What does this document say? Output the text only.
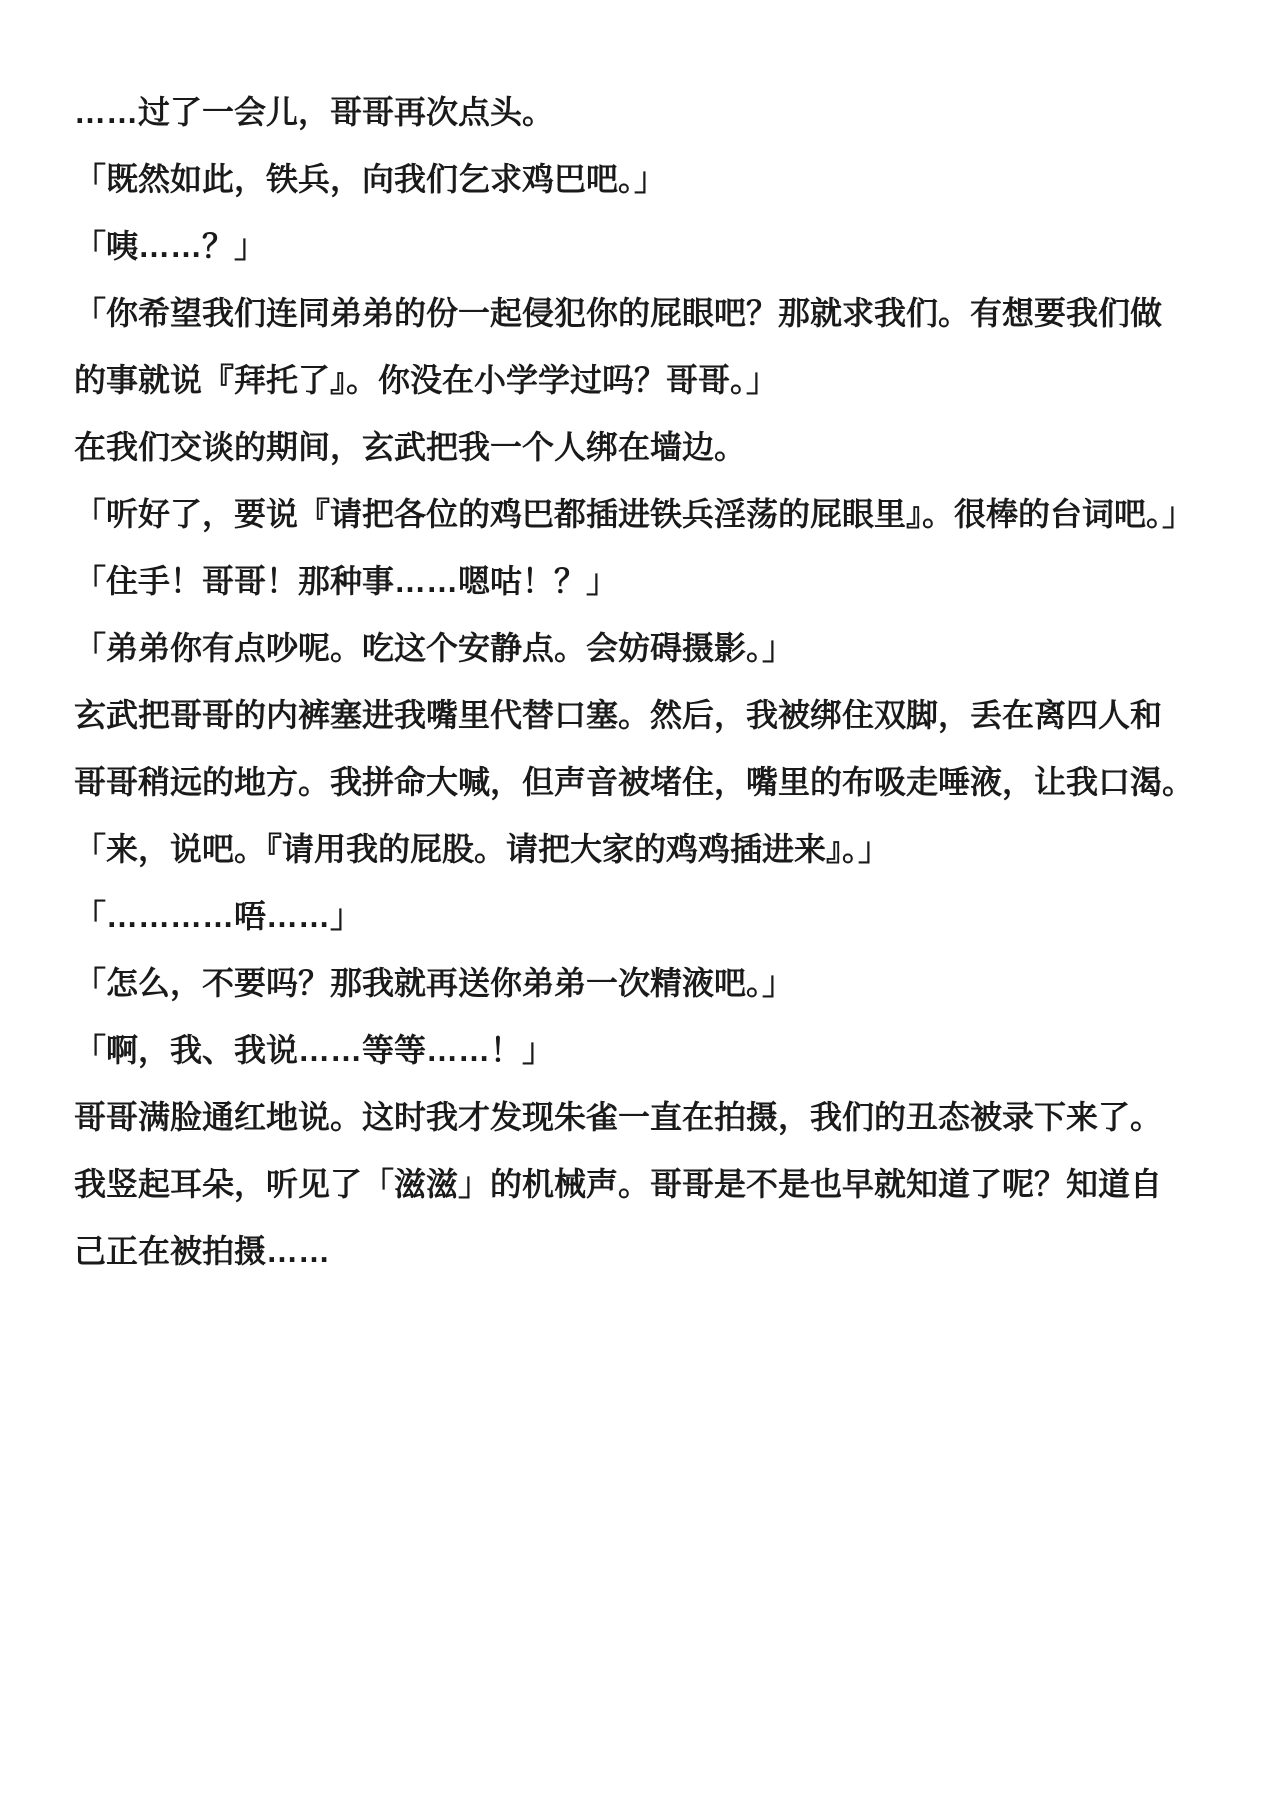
……过了一会儿，哥哥再次点头。
「既然如此，铁兵，向我们乞求鸡巴吧。」
「咦……？」
「你希望我们连同弟弟的份一起侵犯你的屁眼吧？那就求我们。有想要我们做
的事就说『拜托了』。你没在小学学过吗？哥哥。」
在我们交谈的期间，玄武把我一个人绑在墙边。
「听好了，要说『请把各位的鸡巴都插进铁兵淫荡的屁眼里』。很棒的台词吧。」
「住手！哥哥！那种事……嗯咕！？」
「弟弟你有点吵呢。吃这个安静点。会妨碍摄影。」
玄武把哥哥的内裤塞进我嘴里代替口塞。然后，我被绑住双脚，丢在离四人和
哥哥稍远的地方。我拼命大喊，但声音被堵住，嘴里的布吸走唾液，让我口渴。
「来，说吧。『请用我的屁股。请把大家的鸡鸡插进来』。」
「…………唔……」
「怎么，不要吗？那我就再送你弟弟一次精液吧。」
「啊，我、我说……等等……！」
哥哥满脸通红地说。这时我才发现朱雀一直在拍摄，我们的丑态被录下来了。
我竖起耳朵，听见了「滋滋」的机械声。哥哥是不是也早就知道了呢？知道自
己正在被拍摄……
